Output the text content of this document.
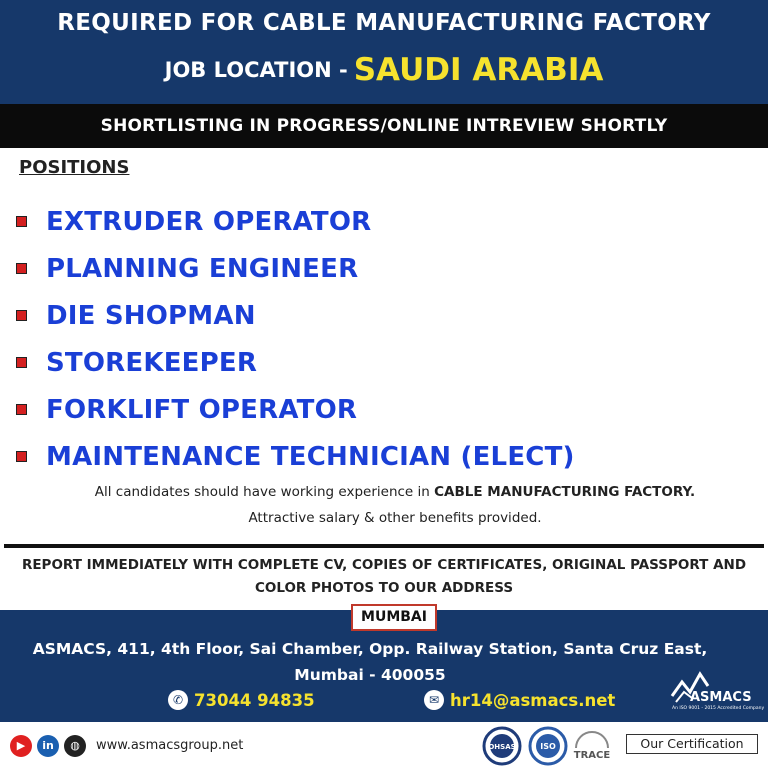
REQUIRED FOR CABLE MANUFACTURING FACTORY
JOB LOCATION - SAUDI ARABIA
SHORTLISTING IN PROGRESS/ONLINE INTREVIEW SHORTLY
POSITIONS
EXTRUDER OPERATOR
PLANNING ENGINEER
DIE SHOPMAN
STOREKEEPER
FORKLIFT OPERATOR
MAINTENANCE TECHNICIAN (ELECT)
All candidates should have working experience in CABLE MANUFACTURING FACTORY.
Attractive salary & other benefits provided.
REPORT IMMEDIATELY WITH COMPLETE CV, COPIES OF CERTIFICATES, ORIGINAL PASSPORT AND COLOR PHOTOS TO OUR ADDRESS
MUMBAI
ASMACS, 411, 4th Floor, Sai Chamber, Opp. Railway Station, Santa Cruz East, Mumbai - 400055
✆ 73044 94835	✉ hr14@asmacs.net	ASMACS
An ISO 9001 - 2015 Accredited Company
▶	in	◍	www.asmacsgroup.net	OHSAS	ISO
TRACE
Our Certification
